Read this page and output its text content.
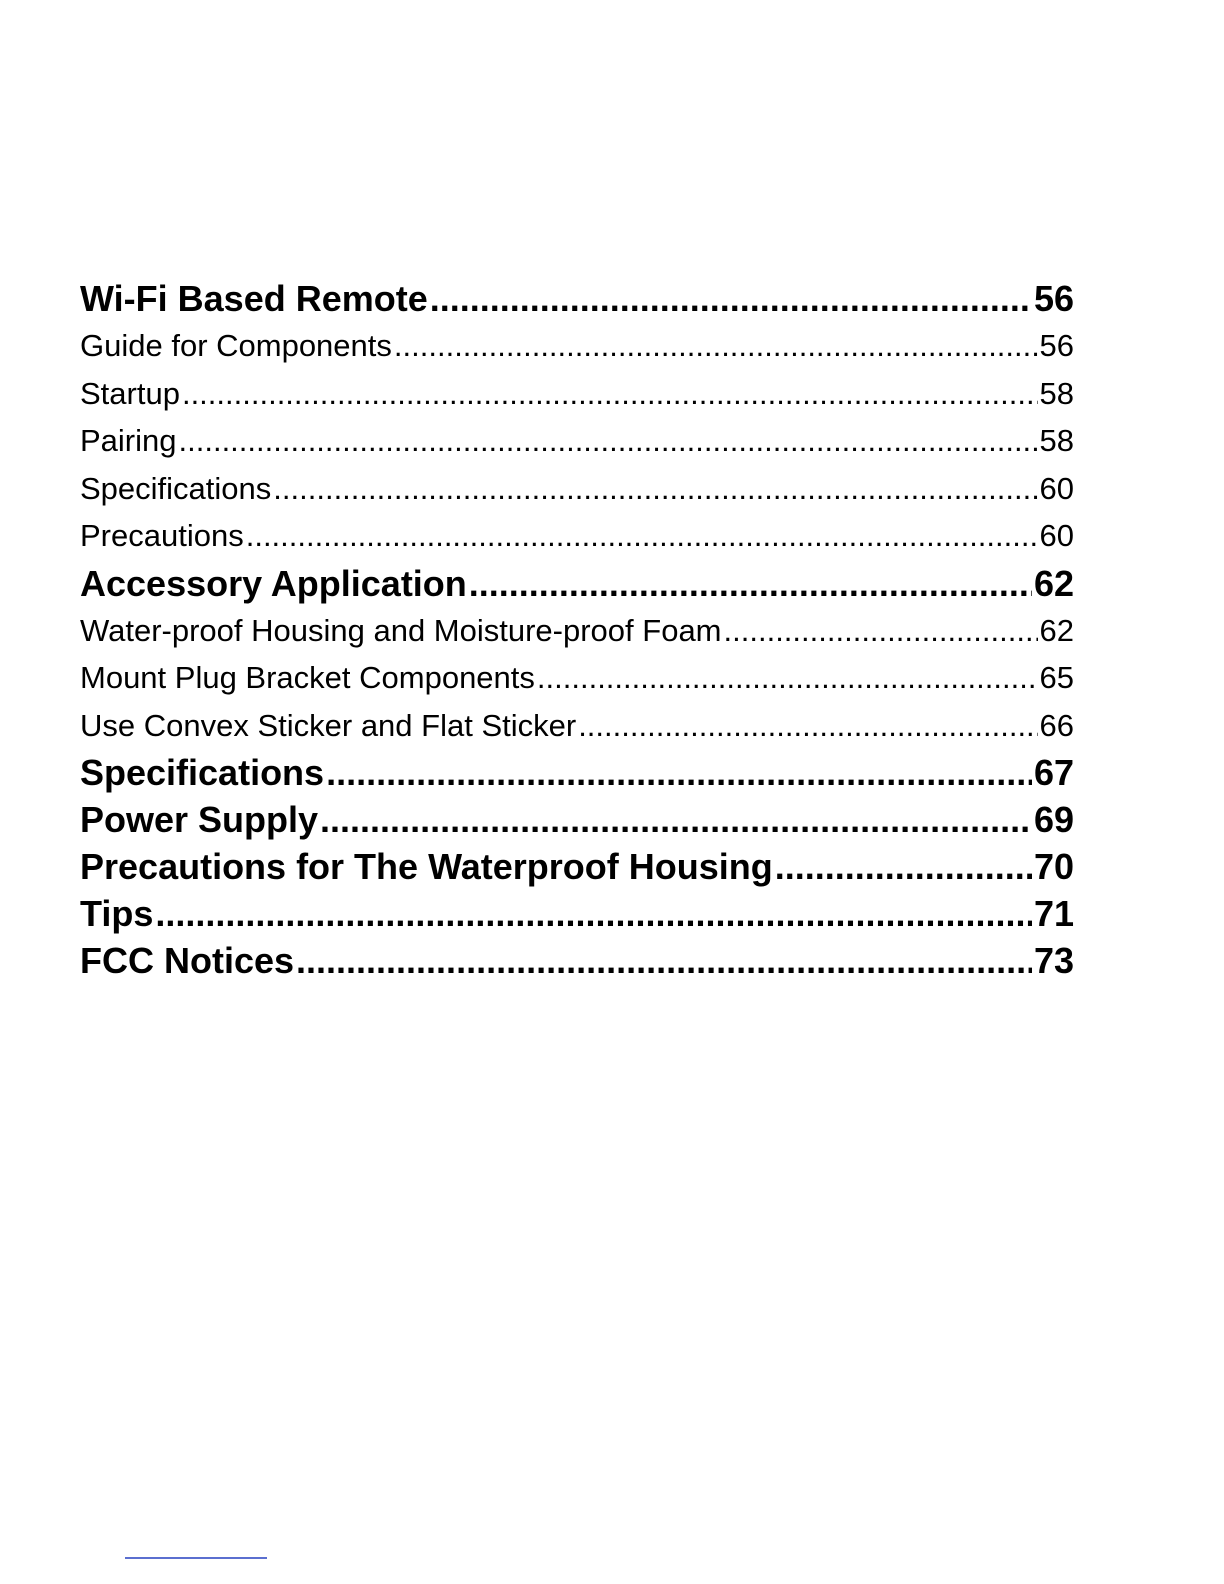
Wi-Fi Based Remote .....	56
Guide for Components .....	56
Startup .....	58
Pairing .....	58
Specifications .....	60
Precautions .....	60
Accessory Application .....	62
Water-proof Housing and Moisture-proof Foam .....	62
Mount Plug Bracket Components .....	65
Use Convex Sticker and Flat Sticker .....	66
Specifications .....	67
Power Supply .....	69
Precautions for The Waterproof Housing .....	70
Tips .....	71
FCC Notices .....	73
